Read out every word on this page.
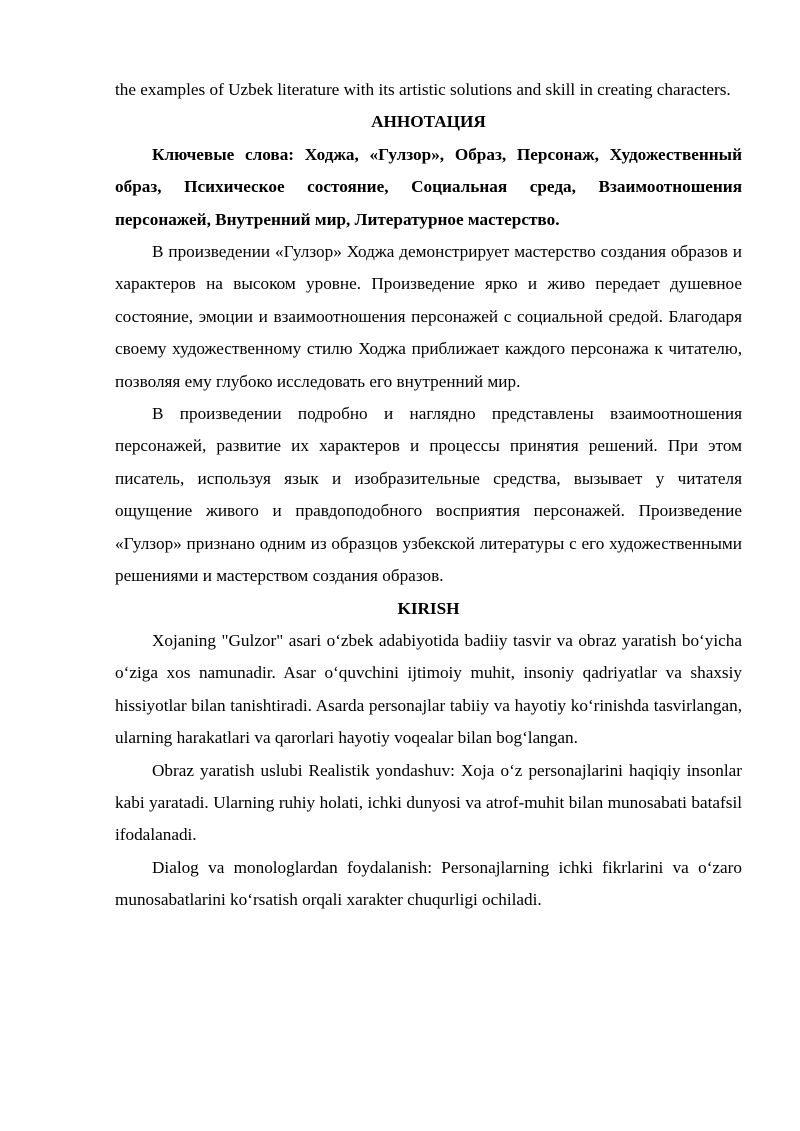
the examples of Uzbek literature with its artistic solutions and skill in creating characters.

АННОТАЦИЯ

Ключевые слова: Ходжа, «Гулзор», Образ, Персонаж, Художественный образ, Психическое состояние, Социальная среда, Взаимоотношения персонажей, Внутренний мир, Литературное мастерство.

В произведении «Гулзор» Ходжа демонстрирует мастерство создания образов и характеров на высоком уровне. Произведение ярко и живо передает душевное состояние, эмоции и взаимоотношения персонажей с социальной средой. Благодаря своему художественному стилю Ходжа приближает каждого персонажа к читателю, позволяя ему глубоко исследовать его внутренний мир.

В произведении подробно и наглядно представлены взаимоотношения персонажей, развитие их характеров и процессы принятия решений. При этом писатель, используя язык и изобразительные средства, вызывает у читателя ощущение живого и правдоподобного восприятия персонажей. Произведение «Гулзор» признано одним из образцов узбекской литературы с его художественными решениями и мастерством создания образов.

KIRISH

Xojaning "Gulzor" asari o‘zbek adabiyotida badiiy tasvir va obraz yaratish bo‘yicha o‘ziga xos namunadir. Asar o‘quvchini ijtimoiy muhit, insoniy qadriyatlar va shaxsiy hissiyotlar bilan tanishtiradi. Asarda personajlar tabiiy va hayotiy ko‘rinishda tasvirlangan, ularning harakatlari va qarorlari hayotiy voqealar bilan bog‘langan.

Obraz yaratish uslubi Realistik yondashuv: Xoja o‘z personajlarini haqiqiy insonlar kabi yaratadi. Ularning ruhiy holati, ichki dunyosi va atrof-muhit bilan munosabati batafsil ifodalanadi.

Dialog va monologlardan foydalanish: Personajlarning ichki fikrlarini va o‘zaro munosabatlarini ko‘rsatish orqali xarakter chuqurligi ochiladi.
